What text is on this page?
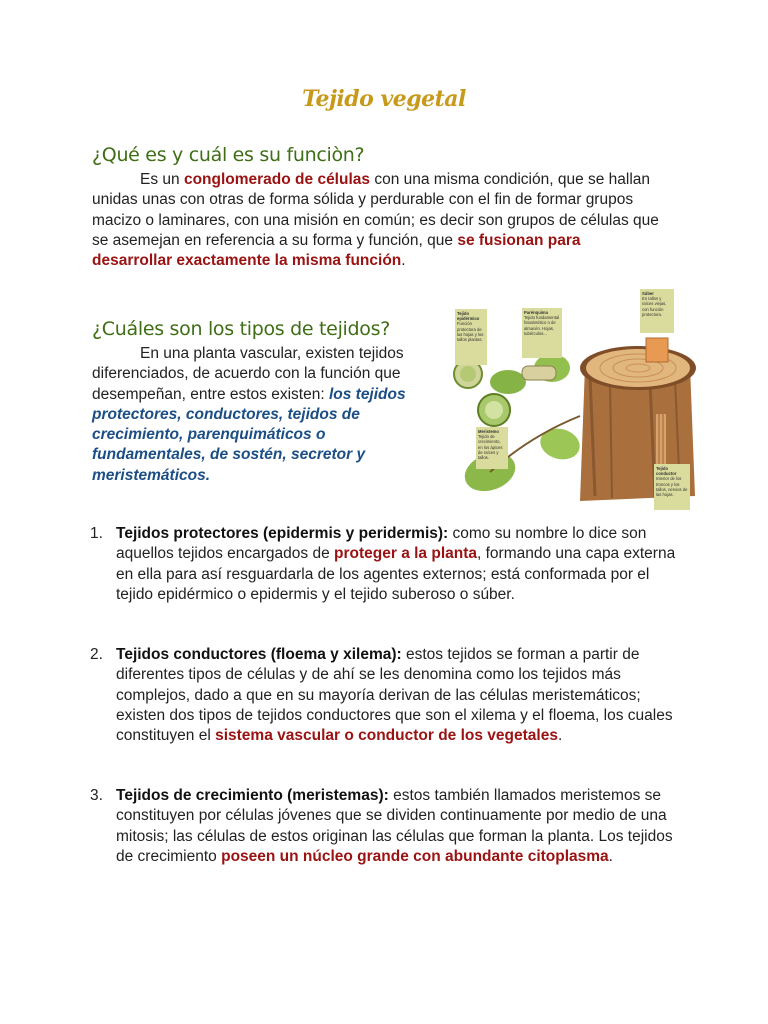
Tejido vegetal
¿Qué es y cuál es su funciòn?
Es un conglomerado de células con una misma condición, que se hallan unidas unas con otras de forma sólida y perdurable con el fin de formar grupos macizo o laminares, con una misión en común; es decir son grupos de células que se asemejan en referencia a su forma y función, que se fusionan para desarrollar exactamente la misma función.
¿Cuáles son los tipos de tejidos?
En una planta vascular, existen tejidos diferenciados, de acuerdo con la función que desempeñan, entre estos existen: los tejidos protectores, conductores, tejidos de crecimiento, parenquimáticos o fundamentales, de sostén, secretor y meristemáticos.
Tejido epidérmico
Función protectora de las hojas y los tallos plantas.
Parénquima
Tejido fundamental fotosintético o de almacén. Hojas, tubérculos...
Súber
En tallos y raíces viejas, con función protectora.
Meristemo
Tejido de crecimiento, en los ápices de raíces y tallos.
Tejido conductor
Interior de los troncos y los tallos, nervios de las hojas.
1. Tejidos protectores (epidermis y peridermis): como su nombre lo dice son aquellos tejidos encargados de proteger a la planta, formando una capa externa en ella para así resguardarla de los agentes externos; está conformada por el tejido epidérmico o epidermis y el tejido suberoso o súber.
2. Tejidos conductores (floema y xilema): estos tejidos se forman a partir de diferentes tipos de células y de ahí se les denomina como los tejidos más complejos, dado a que en su mayoría derivan de las células meristemáticos; existen dos tipos de tejidos conductores que son el xilema y el floema, los cuales constituyen el sistema vascular o conductor de los vegetales.
3. Tejidos de crecimiento (meristemas): estos también llamados meristemos se constituyen por células jóvenes que se dividen continuamente por medio de una mitosis; las células de estos originan las células que forman la planta. Los tejidos de crecimiento poseen un núcleo grande con abundante citoplasma.
